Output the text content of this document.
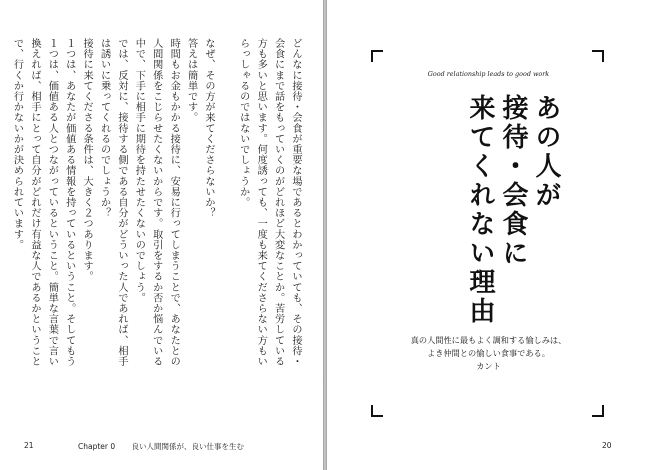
どんなに接待・会食が重要な場であるとわかっていても、その接待・会食にまで話をもっていくのがどれほど大変なことか。苦労している方も多いと思います。何度誘っても、一度も来てくださらない方もいらっしゃるのではないでしょうか。

なぜ、その方が来てくださらないか？

答えは簡単です。

時間もお金もかかる接待に、安易に行ってしまうことで、あなたとの人間関係をこじらせたくないからです。取引をするか否か悩んでいる中で、下手に相手に期待を持たせたくないのでしょう。

では、反対に、接待する側である自分がどういった人であれば、相手は誘いに乗ってくれるのでしょうか？

接待に来てくださる条件は、大きく２つあります。

１つは、あなたが価値ある情報を持っているということ。そしてもう１つは、価値ある人とつながっているということ。簡単な言葉で言い換えれば、相手にとって自分がどれだけ有益な人であるかということで、行くか行かないかが決められています。

21	Chapter 0 良い人間関係が、良い仕事を生む
Good relationship leads to good work
あの人が
接待・会食に
来てくれない理由
真の人間性に最もよく調和する愉しみは、
よき仲間との愉しい食事である。
カント
20
